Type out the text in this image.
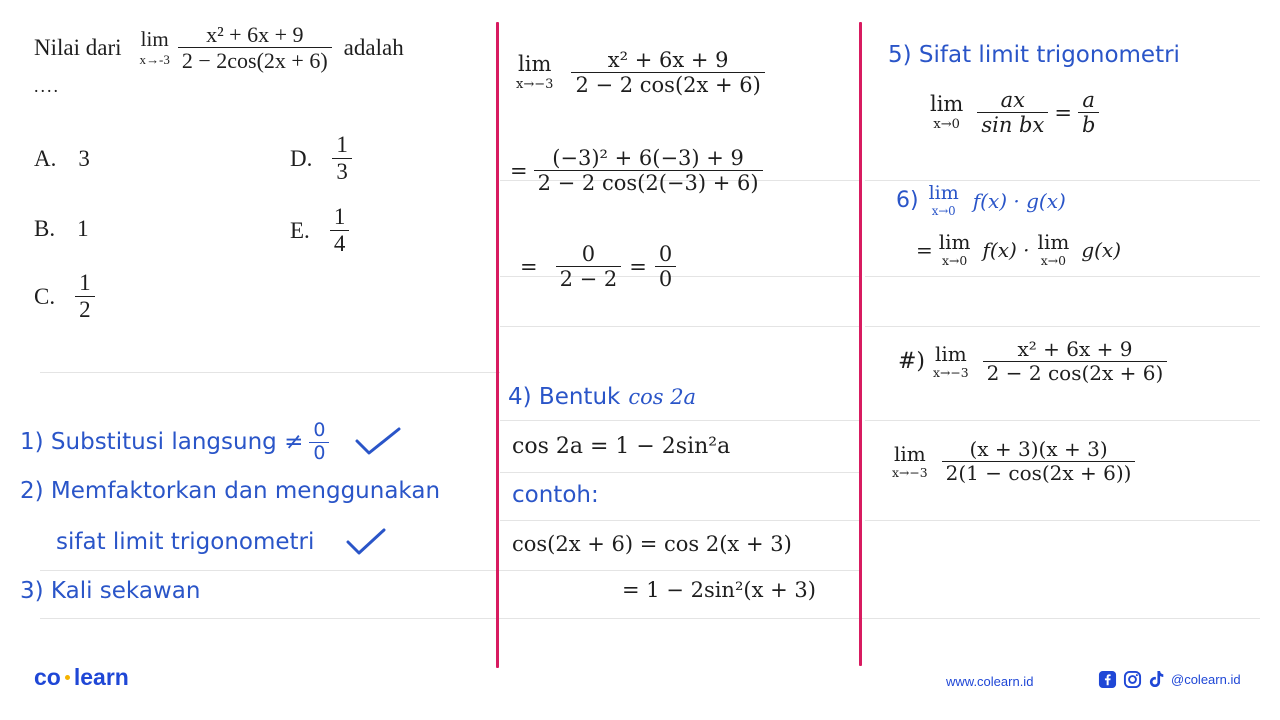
Nilai dari lim
$x\to-3 \frac{\text{x² + 6x + 9}}{2 - 2\cos(2x + 6)}$ adalah
....
A. 3
B. 1
C. $\frac{1}{2}$
D. $\frac{1}{3}$
E. $\frac{1}{4}$
1) Substitusi langsung ≠ $\frac{0}{0}$
2) Memfaktorkan dan menggunakan
sifat limit trigonometri
3) Kali sekawan
lim
$x\to-3 \frac{\text{x² + 6x + 9}}{2 - 2 \cos(2x + 6)}$
= $\frac{\text{(−3)² + 6(−3) + 9}}{2 - 2 \cos(2(-3) + 6)}$
= $\frac{0}{2 - 2} = \frac{0}{0}$
4) Bentuk cos 2a
cos 2a = 1 − 2sin²a
contoh:
cos(2x + 6) = cos 2(x + 3)
= 1 − 2sin²(x + 3)
5) Sifat limit trigonometri
lim
$x\to 0 \frac{ax}{\text{sin bx}} = \frac{a}{b}$
6) lim
x→0 f(x) · g(x)
= lim
x→0 f(x) · lim
x→0 g(x)
#) lim
$x\to-3 \frac{\text{x² + 6x + 9}}{2 - 2 \cos(2x + 6)}$
lim
$x\to-3 \frac{(x + 3)(x + 3)}{2(1 - \cos(2x + 6))}$
co learn	www.colearn.id	@colearn.id
